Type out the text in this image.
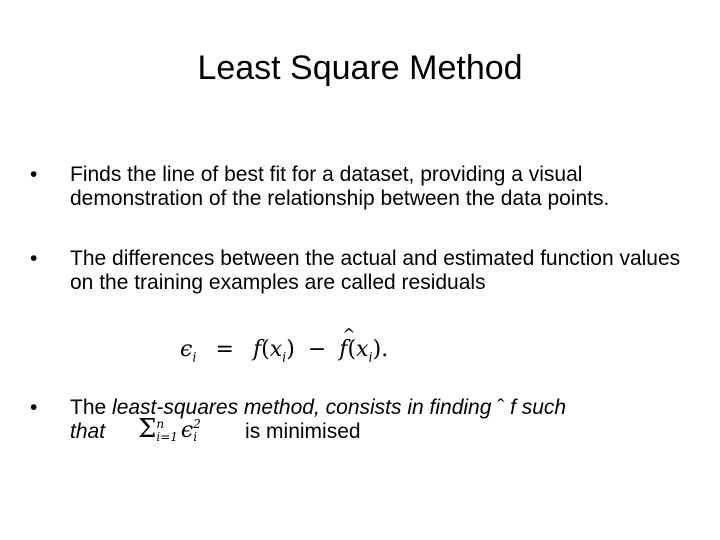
Least Square Method
•	Finds the line of best fit for a dataset, providing a visual demonstration of the relationship between the data points.
•	The differences between the actual and estimated function values on the training examples are called residuals
$\epsilon_i = f(x_i)$ − ^ $f(x_i)$.
•	The least-squares method, consists in finding ˆ f such
that	is minimised
Σ n
i=1 ϵ 2
i
